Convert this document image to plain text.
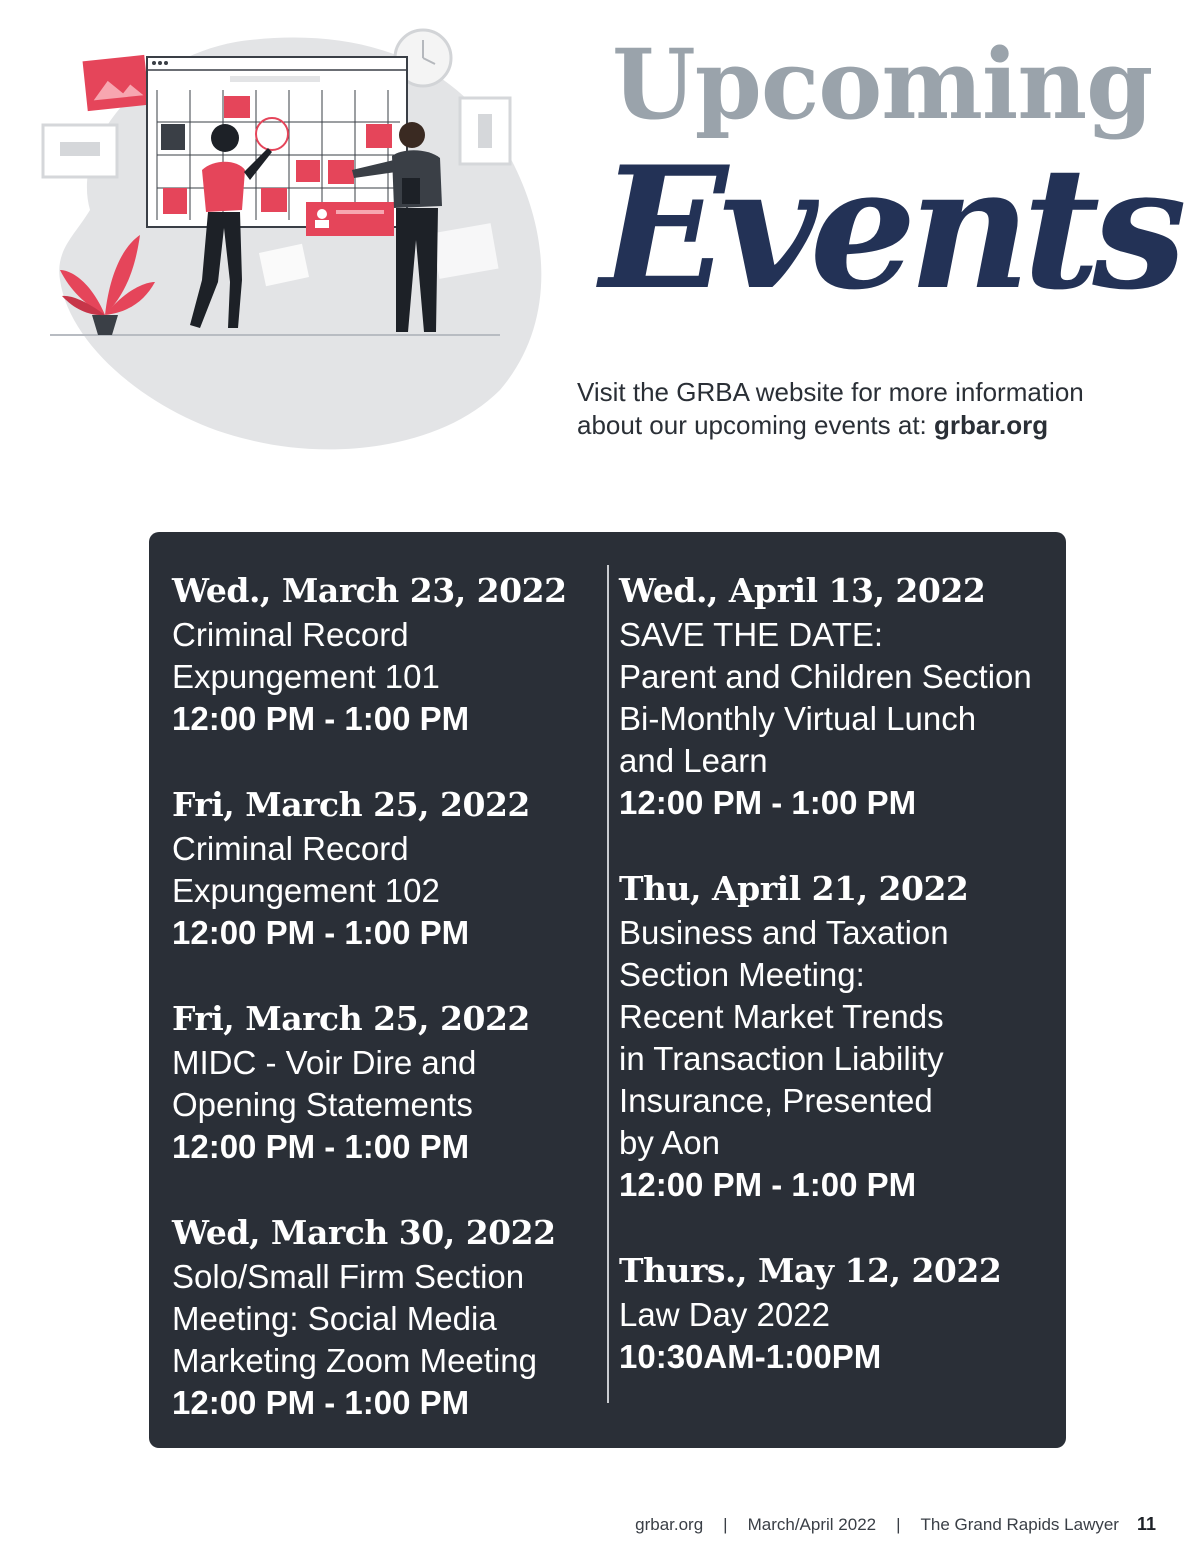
Upcoming
Events

Visit the GRBA website for more information about our upcoming events at: grbar.org

Wed., March 23, 2022
Criminal Record
Expungement 101
12:00 PM - 1:00 PM
Fri, March 25, 2022
Criminal Record
Expungement 102
12:00 PM - 1:00 PM
Fri, March 25, 2022
MIDC - Voir Dire and
Opening Statements
12:00 PM - 1:00 PM
Wed, March 30, 2022
Solo/Small Firm Section
Meeting: Social Media
Marketing Zoom Meeting
12:00 PM - 1:00 PM
Wed., April 13, 2022
SAVE THE DATE:
Parent and Children Section
Bi-Monthly Virtual Lunch
and Learn
12:00 PM - 1:00 PM
Thu, April 21, 2022
Business and Taxation
Section Meeting:
Recent Market Trends
in Transaction Liability
Insurance, Presented
by Aon
12:00 PM - 1:00 PM
Thurs., May 12, 2022
Law Day 2022
10:30AM-1:00PM
grbar.org | March/April 2022 | The Grand Rapids Lawyer 11
